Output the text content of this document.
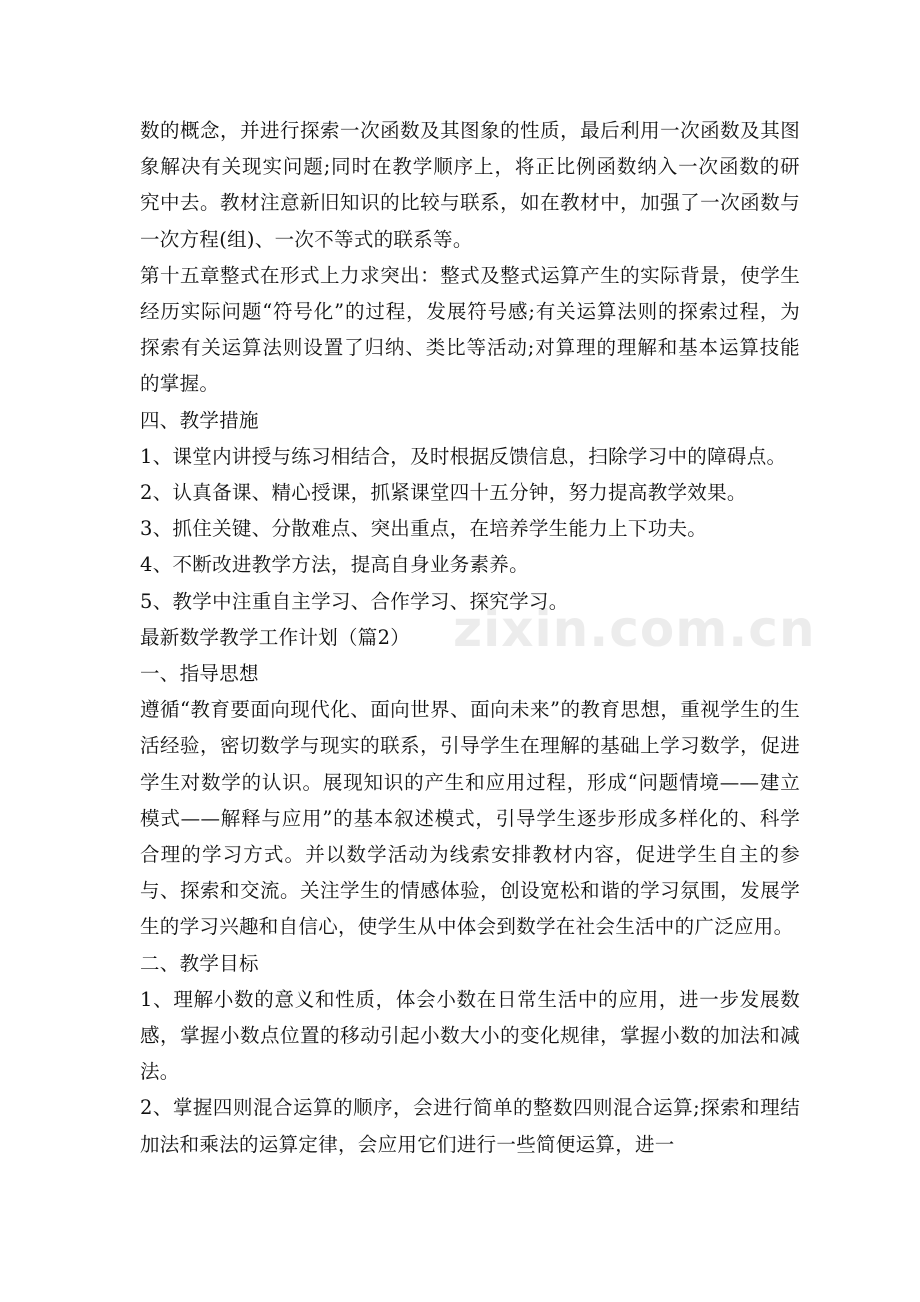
数的概念，并进行探索一次函数及其图象的性质，最后利用一次函数及其图象解决有关现实问题;同时在教学顺序上，将正比例函数纳入一次函数的研究中去。教材注意新旧知识的比较与联系，如在教材中，加强了一次函数与一次方程(组)、一次不等式的联系等。

第十五章整式在形式上力求突出：整式及整式运算产生的实际背景，使学生经历实际问题“符号化”的过程，发展符号感;有关运算法则的探索过程，为探索有关运算法则设置了归纳、类比等活动;对算理的理解和基本运算技能的掌握。

四、教学措施

1、课堂内讲授与练习相结合，及时根据反馈信息，扫除学习中的障碍点。

2、认真备课、精心授课，抓紧课堂四十五分钟，努力提高教学效果。

3、抓住关键、分散难点、突出重点，在培养学生能力上下功夫。

4、不断改进教学方法，提高自身业务素养。

5、教学中注重自主学习、合作学习、探究学习。

最新数学教学工作计划（篇2）

一、指导思想

遵循“教育要面向现代化、面向世界、面向未来”的教育思想，重视学生的生活经验，密切数学与现实的联系，引导学生在理解的基础上学习数学，促进学生对数学的认识。展现知识的产生和应用过程，形成“问题情境——建立模式——解释与应用”的基本叙述模式，引导学生逐步形成多样化的、科学合理的学习方式。并以数学活动为线索安排教材内容，促进学生自主的参与、探索和交流。关注学生的情感体验，创设宽松和谐的学习氛围，发展学生的学习兴趣和自信心，使学生从中体会到数学在社会生活中的广泛应用。

二、教学目标

1、理解小数的意义和性质，体会小数在日常生活中的应用，进一步发展数感，掌握小数点位置的移动引起小数大小的变化规律，掌握小数的加法和减法。

2、掌握四则混合运算的顺序，会进行简单的整数四则混合运算;探索和理结加法和乘法的运算定律，会应用它们进行一些简便运算，进一

zixin.com.cn
